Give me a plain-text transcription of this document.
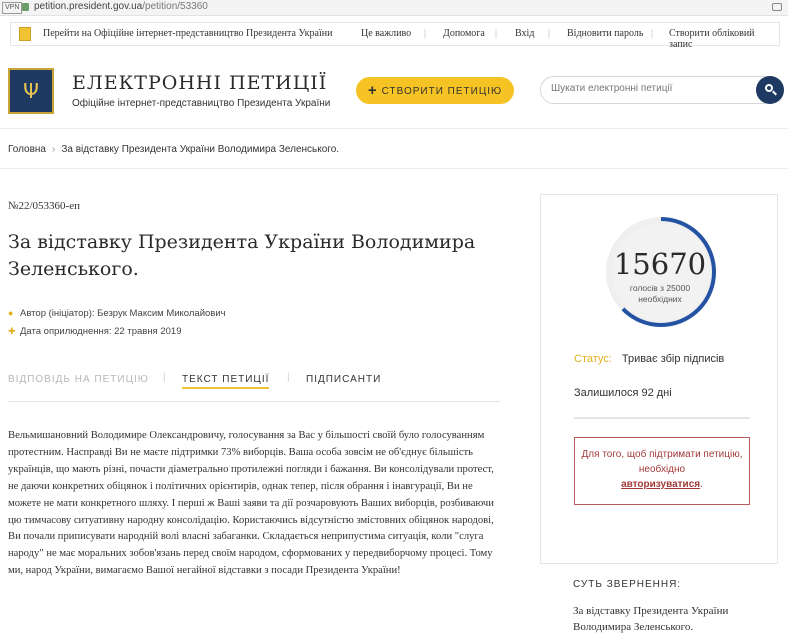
VPN	petition.president.gov.ua/petition/53360
Перейти на Офіційне інтернет-представництво Президента України	Це важливо | Допомога | Вхід | Відновити пароль | Створити обліковий запис
Ψ ЕЛЕКТРОННІ ПЕТИЦІЇ
Офіційне інтернет-представництво Президента України
+ СТВОРИТИ ПЕТИЦІЮ
Шукати електронні петиції
Головна › За відставку Президента України Володимира Зеленського.
№22/053360-еп
За відставку Президента України Володимира Зеленського.
● Автор (ініціатор): Безрук Максим Миколайович
✚ Дата оприлюднення: 22 травня 2019
ВІДПОВІДЬ НА ПЕТИЦІЮ | ТЕКСТ ПЕТИЦІЇ | ПІДПИСАНТИ

Вельмишановний Володимире Олександровичу, голосування за Вас у більшості своїй було голосуванням протестним. Насправді Ви не маєте підтримки 73% виборців. Ваша особа зовсім не об'єднує більшість українців, що мають різні, почасти діаметрально протилежні погляди і бажання. Ви консолідували протест, не даючи конкретних обіцянок і політичних орієнтирів, однак тепер, після обрання і інавгурації, Ви не можете не мати конкретного шляху. І перші ж Ваші заяви та дії розчаровують Ваших виборців, розбиваючи цю тимчасову ситуативну народну консолідацію. Користаючись відсутністю змістовних обіцянок народові, Ви почали приписувати народній волі власні забаганки. Складається неприпустима ситуація, коли "слуга народу" не має моральних зобов'язань перед своїм народом, сформованих у передвиборчому процесі. Тому ми, народ України, вимагаємо Вашої негайної відставки з посади Президента України!

15670
голосів з 25000
необхідних
Статус: Триває збір підписів
Залишилося 92 дні
Для того, щоб підтримати петицію, необхідно
авторизуватися.
СУТЬ ЗВЕРНЕННЯ:
За відставку Президента України Володимира Зеленського.
